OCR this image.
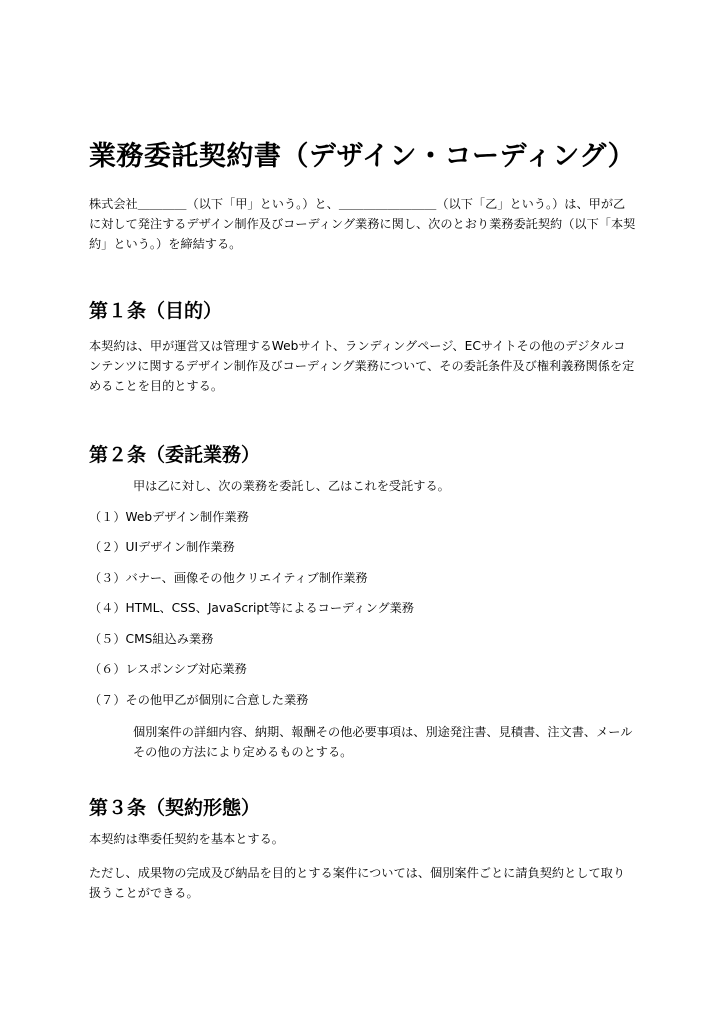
業務委託契約書（デザイン・コーディング）

株式会社＿＿＿＿（以下「甲」という。）と、＿＿＿＿＿＿＿＿（以下「乙」という。）は、甲が乙に対して発注するデザイン制作及びコーディング業務に関し、次のとおり業務委託契約（以下「本契約」という。）を締結する。

第１条（目的）

本契約は、甲が運営又は管理するWebサイト、ランディングページ、ECサイトその他のデジタルコンテンツに関するデザイン制作及びコーディング業務について、その委託条件及び権利義務関係を定めることを目的とする。

第２条（委託業務）

甲は乙に対し、次の業務を委託し、乙はこれを受託する。

（１）Webデザイン制作業務

（２）UIデザイン制作業務

（３）バナー、画像その他クリエイティブ制作業務

（４）HTML、CSS、JavaScript等によるコーディング業務

（５）CMS組込み業務

（６）レスポンシブ対応業務

（７）その他甲乙が個別に合意した業務

個別案件の詳細内容、納期、報酬その他必要事項は、別途発注書、見積書、注文書、メールその他の方法により定めるものとする。

第３条（契約形態）

本契約は準委任契約を基本とする。

ただし、成果物の完成及び納品を目的とする案件については、個別案件ごとに請負契約として取り扱うことができる。
